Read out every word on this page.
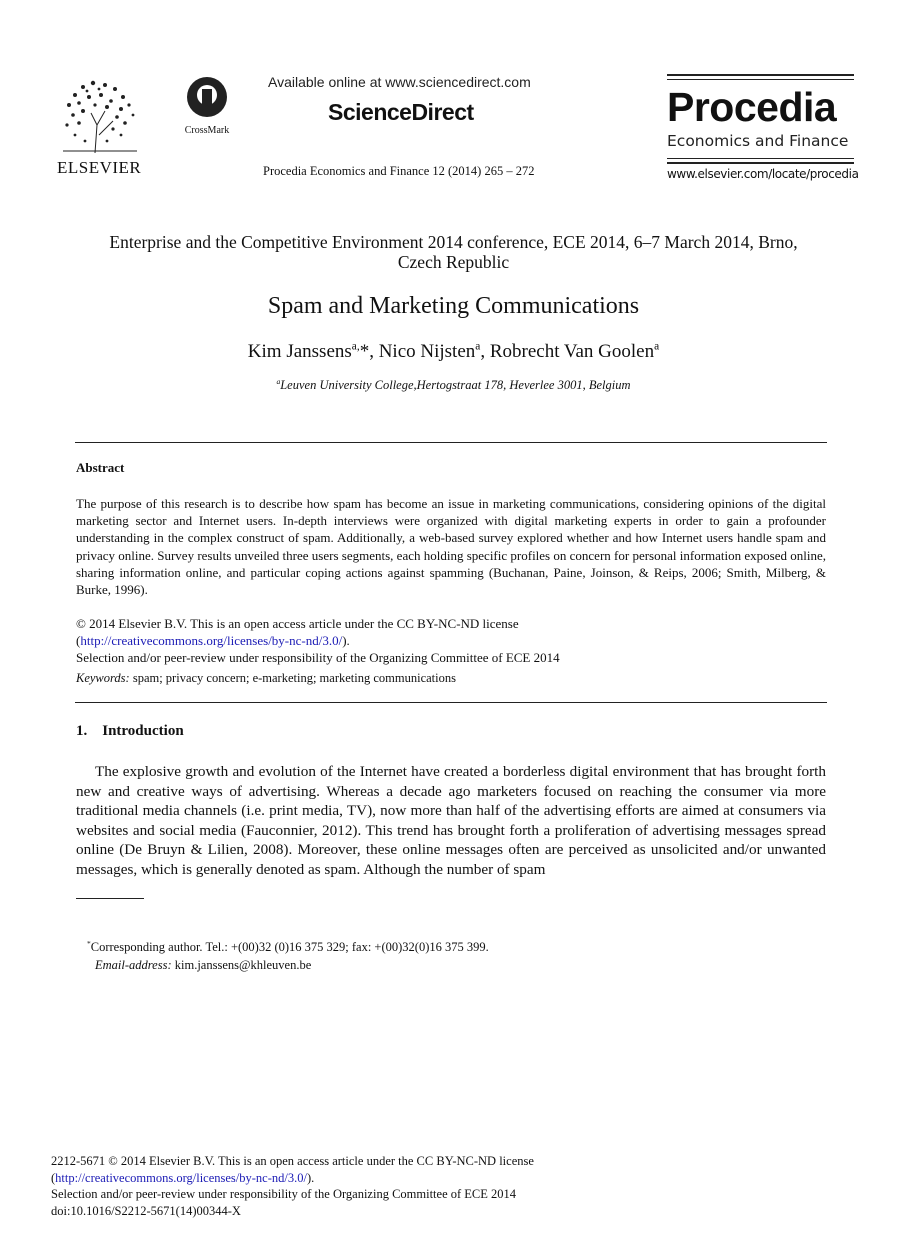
ELSEVIER
CrossMark
Available online at www.sciencedirect.com
ScienceDirect
Procedia Economics and Finance 12 (2014) 265 – 272
Procedia
Economics and Finance
www.elsevier.com/locate/procedia
Enterprise and the Competitive Environment 2014 conference, ECE 2014, 6–7 March 2014, Brno,
Czech Republic
Spam and Marketing Communications
Kim Janssens$^{a,}$*, Nico Nijsten$^a$, Robrecht Van Goolen$^a$
$^a$Leuven University College,Hertogstraat 178, Heverlee 3001, Belgium
Abstract
The purpose of this research is to describe how spam has become an issue in marketing communications, considering opinions of the digital marketing sector and Internet users. In-depth interviews were organized with digital marketing experts in order to gain a profounder understanding in the complex construct of spam. Additionally, a web-based survey explored whether and how Internet users handle spam and privacy online. Survey results unveiled three users segments, each holding specific profiles on concern for personal information exposed online, sharing information online, and particular coping actions against spamming (Buchanan, Paine, Joinson, & Reips, 2006; Smith, Milberg, & Burke, 1996).
© 2014 Elsevier B.V. This is an open access article under the CC BY-NC-ND license
(http://creativecommons.org/licenses/by-nc-nd/3.0/).
Selection and/or peer-review under responsibility of the Organizing Committee of ECE 2014
Keywords: spam; privacy concern; e-marketing; marketing communications
1. Introduction
The explosive growth and evolution of the Internet have created a borderless digital environment that has brought forth new and creative ways of advertising. Whereas a decade ago marketers focused on reaching the consumer via more traditional media channels (i.e. print media, TV), now more than half of the advertising efforts are aimed at consumers via websites and social media (Fauconnier, 2012). This trend has brought forth a proliferation of advertising messages spread online (De Bruyn & Lilien, 2008). Moreover, these online messages often are perceived as unsolicited and/or unwanted messages, which is generally denoted as spam. Although the number of spam
*Corresponding author. Tel.: +(00)32 (0)16 375 329; fax: +(00)32(0)16 375 399.
Email-address: kim.janssens@khleuven.be
2212-5671 © 2014 Elsevier B.V. This is an open access article under the CC BY-NC-ND license
(http://creativecommons.org/licenses/by-nc-nd/3.0/).
Selection and/or peer-review under responsibility of the Organizing Committee of ECE 2014
doi:10.1016/S2212-5671(14)00344-X
